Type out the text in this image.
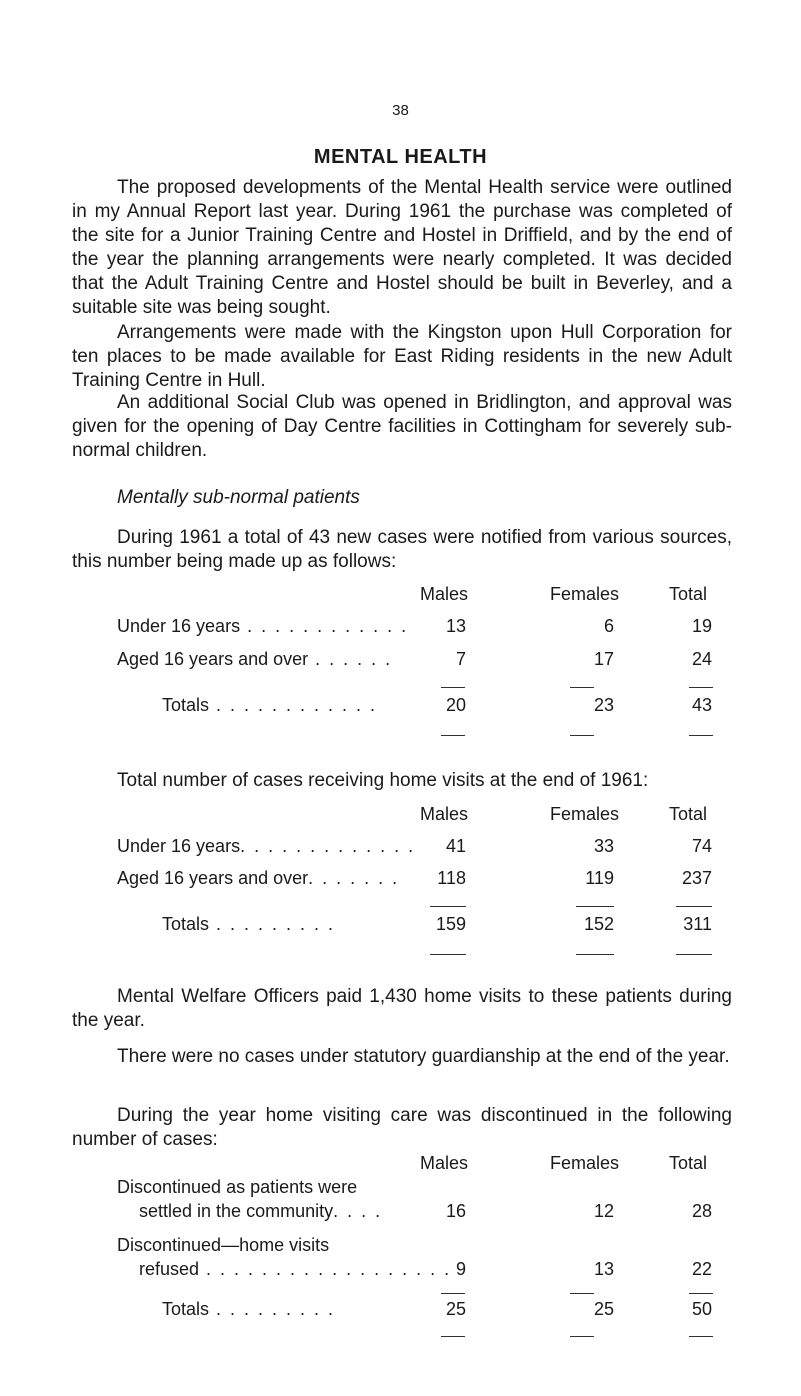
38
MENTAL HEALTH
The proposed developments of the Mental Health service were outlined in my Annual Report last year. During 1961 the purchase was completed of the site for a Junior Training Centre and Hostel in Driffield, and by the end of the year the planning arrangements were nearly completed. It was decided that the Adult Training Centre and Hostel should be built in Beverley, and a suitable site was being sought.
Arrangements were made with the Kingston upon Hull Corporation for ten places to be made available for East Riding residents in the new Adult Training Centre in Hull.
An additional Social Club was opened in Bridlington, and approval was given for the opening of Day Centre facilities in Cottingham for severely sub-normal children.
Mentally sub-normal patients
During 1961 a total of 43 new cases were notified from various sources, this number being made up as follows:
Males	Females	Total
Under 16 years . . . . . . . . . . . .	13	6	19
Aged 16 years and over . . . . . .	7	17	24
Totals . . . . . . . . . . . .	20	23	43
Total number of cases receiving home visits at the end of 1961:
Males	Females	Total
Under 16 years. . . . . . . . . . . . .	41	33	74
Aged 16 years and over. . . . . . .	118	119	237
Totals . . . . . . . . .	159	152	311
Mental Welfare Officers paid 1,430 home visits to these patients during the year.
There were no cases under statutory guardianship at the end of the year.
During the year home visiting care was discontinued in the following number of cases:
Males	Females	Total
Discontinued as patients were
settled in the community. . . .	16	12	28
Discontinued—home visits
refused . . . . . . . . . . . . . . . . . . 9	13	22
Totals . . . . . . . . .	25	25	50
